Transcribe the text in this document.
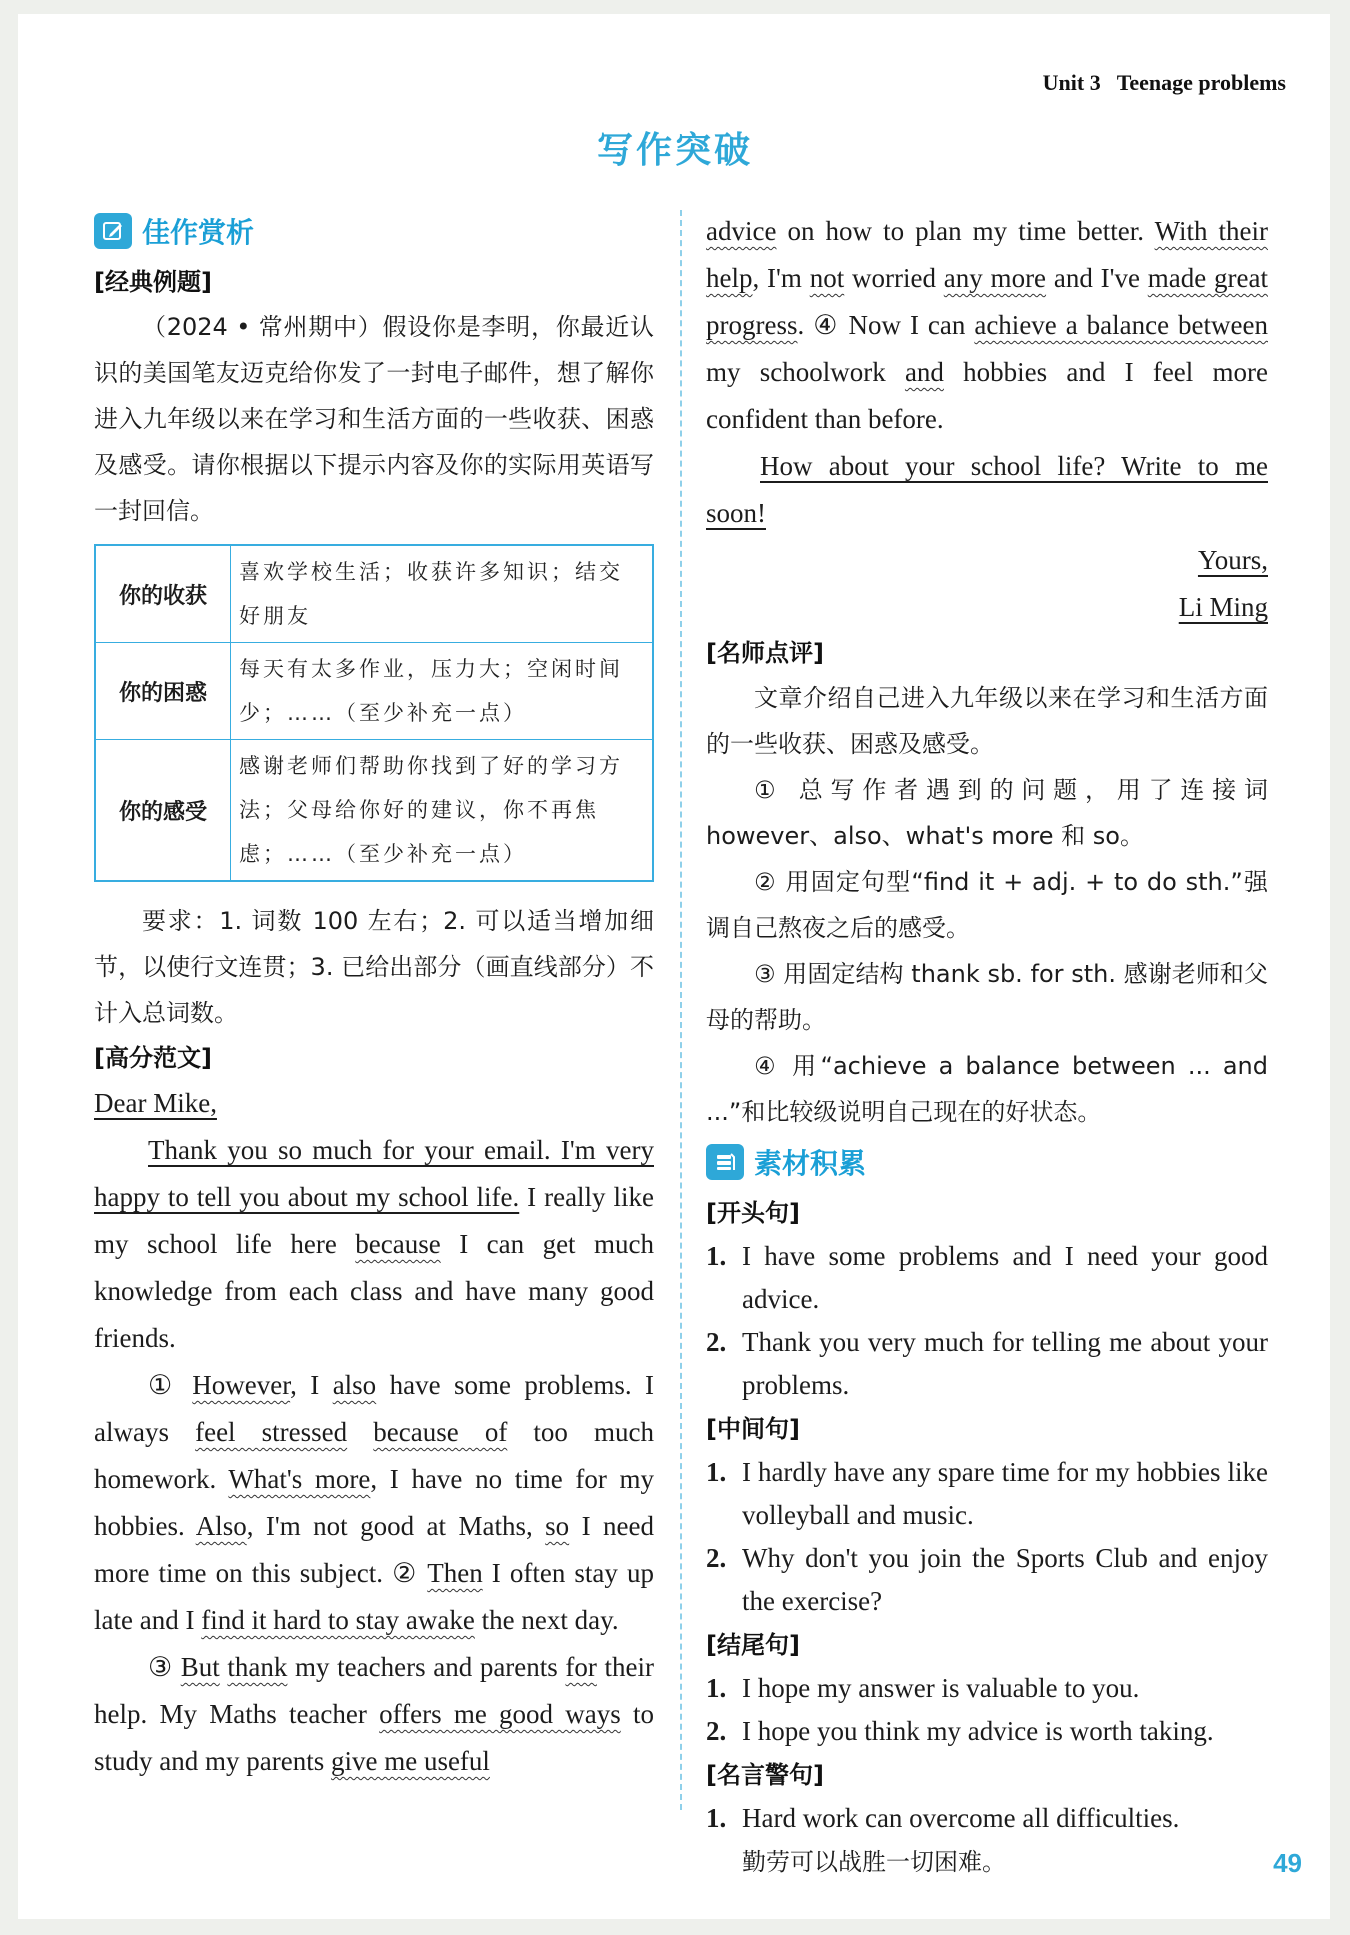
Unit 3 Teenage problems
写作突破
佳作赏析
[经典例题]

（2024 • 常州期中）假设你是李明，你最近认识的美国笔友迈克给你发了一封电子邮件，想了解你进入九年级以来在学习和生活方面的一些收获、困惑及感受。请你根据以下提示内容及你的实际用英语写一封回信。

你的收获	喜欢学校生活；收获许多知识；结交好朋友
你的困惑	每天有太多作业，压力大；空闲时间少；……（至少补充一点）
你的感受	感谢老师们帮助你找到了好的学习方法；父母给你好的建议，你不再焦虑；……（至少补充一点）

要求：1. 词数 100 左右；2. 可以适当增加细节，以使行文连贯；3. 已给出部分（画直线部分）不计入总词数。

[高分范文]

Dear Mike,

Thank you so much for your email. I'm very happy to tell you about my school life. I really like my school life here because I can get much knowledge from each class and have many good friends.

① However, I also have some problems. I always feel stressed because of too much homework. What's more, I have no time for my hobbies. Also, I'm not good at Maths, so I need more time on this subject. ② Then I often stay up late and I find it hard to stay awake the next day.

③ But thank my teachers and parents for their help. My Maths teacher offers me good ways to study and my parents give me useful

advice on how to plan my time better. With their help, I'm not worried any more and I've made great progress. ④ Now I can achieve a balance between my schoolwork and hobbies and I feel more confident than before.

How about your school life? Write to me soon!

Yours,

Li Ming

[名师点评]

文章介绍自己进入九年级以来在学习和生活方面的一些收获、困惑及感受。

① 总写作者遇到的问题，用了连接词 however、also、what's more 和 so。

② 用固定句型“find it + adj. + to do sth.”强调自己熬夜之后的感受。

③ 用固定结构 thank sb. for sth. 感谢老师和父母的帮助。

④ 用“achieve a balance between ... and ...”和比较级说明自己现在的好状态。

素材积累
[开头句]
1. I have some problems and I need your good advice.
2. Thank you very much for telling me about your problems.
[中间句]
1. I hardly have any spare time for my hobbies like volleyball and music.
2. Why don't you join the Sports Club and enjoy the exercise?
[结尾句]
1. I hope my answer is valuable to you.
2. I hope you think my advice is worth taking.
[名言警句]
1. Hard work can overcome all difficulties.
勤劳可以战胜一切困难。	49
